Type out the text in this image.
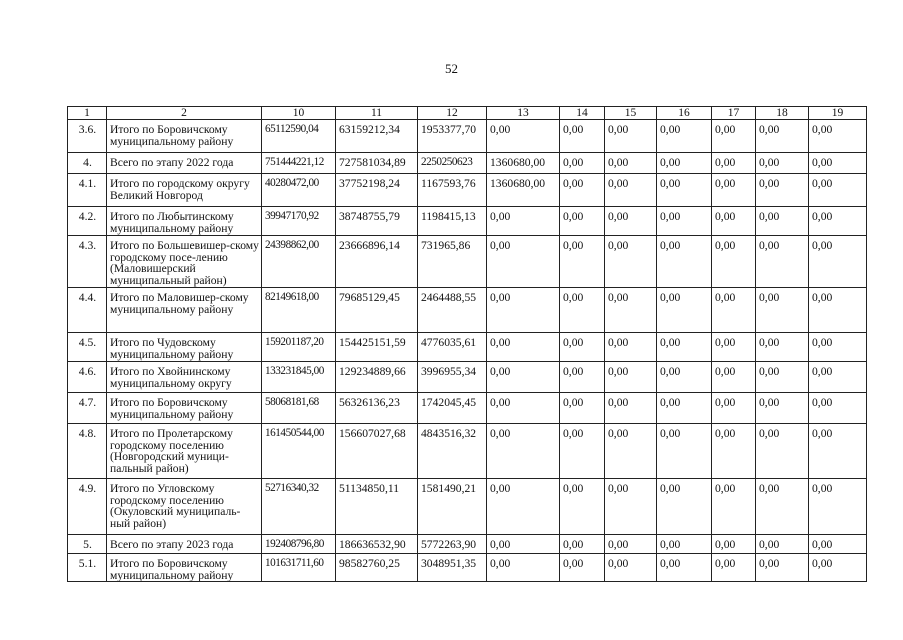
52
1	2	10	11	12	13	14	15	16	17	18	19
3.6.	Итого по Боровичскому муниципальному району	65112590,04	63159212,34	1953377,70	0,00	0,00	0,00	0,00	0,00	0,00	0,00
4.	Всего по этапу 2022 года	751444221,12	727581034,89	2250250623	1360680,00	0,00	0,00	0,00	0,00	0,00	0,00
4.1.	Итого по городскому округу Великий Новгород	40280472,00	37752198,24	1167593,76	1360680,00	0,00	0,00	0,00	0,00	0,00	0,00
4.2.	Итого по Любытинскому муниципальному району	39947170,92	38748755,79	1198415,13	0,00	0,00	0,00	0,00	0,00	0,00	0,00
4.3.	Итого по Большевишер-скому городскому посе-лению (Маловишерский муниципальный район)	24398862,00	23666896,14	731965,86	0,00	0,00	0,00	0,00	0,00	0,00	0,00
4.4.	Итого по Маловишер-скому муниципальному району	82149618,00	79685129,45	2464488,55	0,00	0,00	0,00	0,00	0,00	0,00	0,00
4.5.	Итого по Чудовскому муниципальному району	159201187,20	154425151,59	4776035,61	0,00	0,00	0,00	0,00	0,00	0,00	0,00
4.6.	Итого по Хвойнинскому муниципальному округу	133231845,00	129234889,66	3996955,34	0,00	0,00	0,00	0,00	0,00	0,00	0,00
4.7.	Итого по Боровичскому муниципальному району	58068181,68	56326136,23	1742045,45	0,00	0,00	0,00	0,00	0,00	0,00	0,00
4.8.	Итого по Пролетарскому городскому поселению (Новгородский муници-пальный район)	161450544,00	156607027,68	4843516,32	0,00	0,00	0,00	0,00	0,00	0,00	0,00
4.9.	Итого по Угловскому городскому поселению (Окуловский муниципаль-ный район)	52716340,32	51134850,11	1581490,21	0,00	0,00	0,00	0,00	0,00	0,00	0,00
5.	Всего по этапу 2023 года	192408796,80	186636532,90	5772263,90	0,00	0,00	0,00	0,00	0,00	0,00	0,00
5.1.	Итого по Боровичскому муниципальному району	101631711,60	98582760,25	3048951,35	0,00	0,00	0,00	0,00	0,00	0,00	0,00
